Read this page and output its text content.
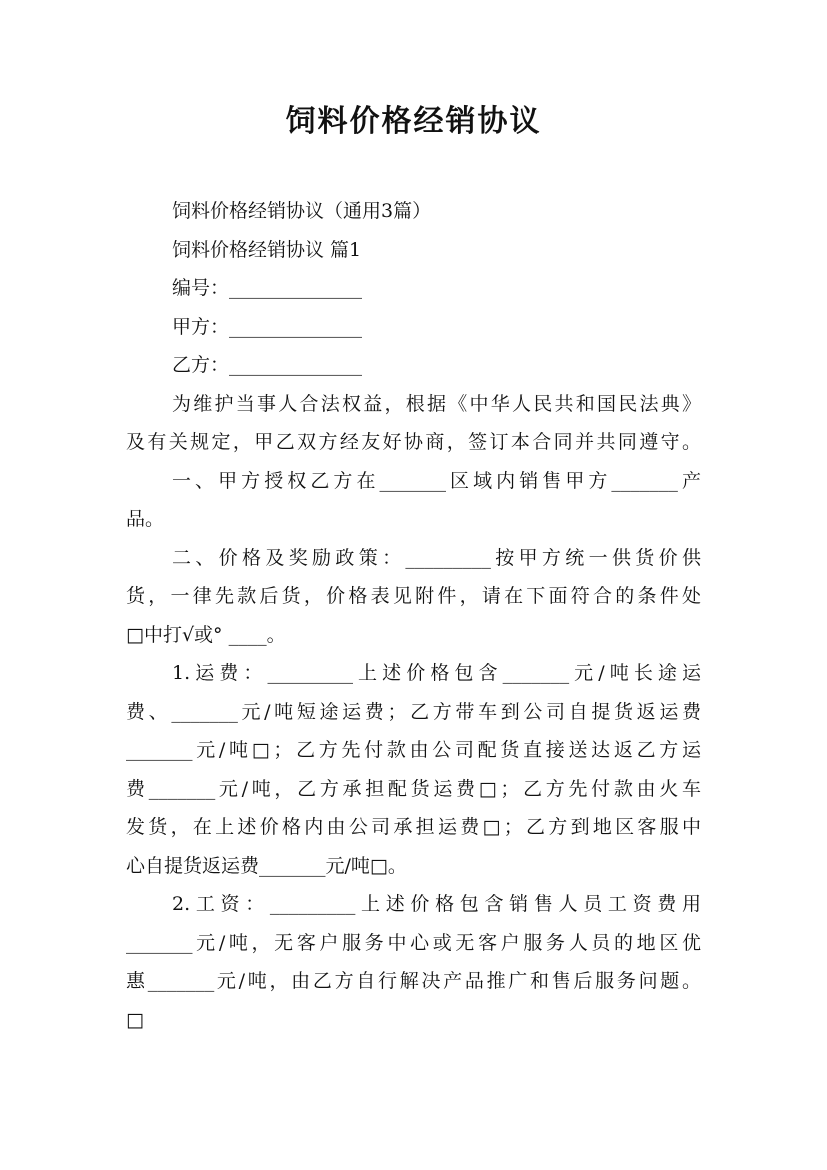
饲料价格经销协议
饲料价格经销协议（通用3篇）
饲料价格经销协议 篇1
编号：______________
甲方：______________
乙方：______________
为维护当事人合法权益，根据《中华人民共和国民法典》
及有关规定，甲乙双方经友好协商，签订本合同并共同遵守。
一、甲方授权乙方在_______区域内销售甲方_______产
品。
二、价格及奖励政策：_________按甲方统一供货价供
货，一律先款后货，价格表见附件，请在下面符合的条件处
□中打√或° ____。
1.运费：_________上述价格包含_______元/吨长途运
费、_______元/吨短途运费；乙方带车到公司自提货返运费
_______元/吨□；乙方先付款由公司配货直接送达返乙方运
费_______元/吨，乙方承担配货运费□；乙方先付款由火车
发货，在上述价格内由公司承担运费□；乙方到地区客服中
心自提货返运费_______元/吨□。
2.工资：_________上述价格包含销售人员工资费用
_______元/吨，无客户服务中心或无客户服务人员的地区优
惠_______元/吨，由乙方自行解决产品推广和售后服务问题。
□
